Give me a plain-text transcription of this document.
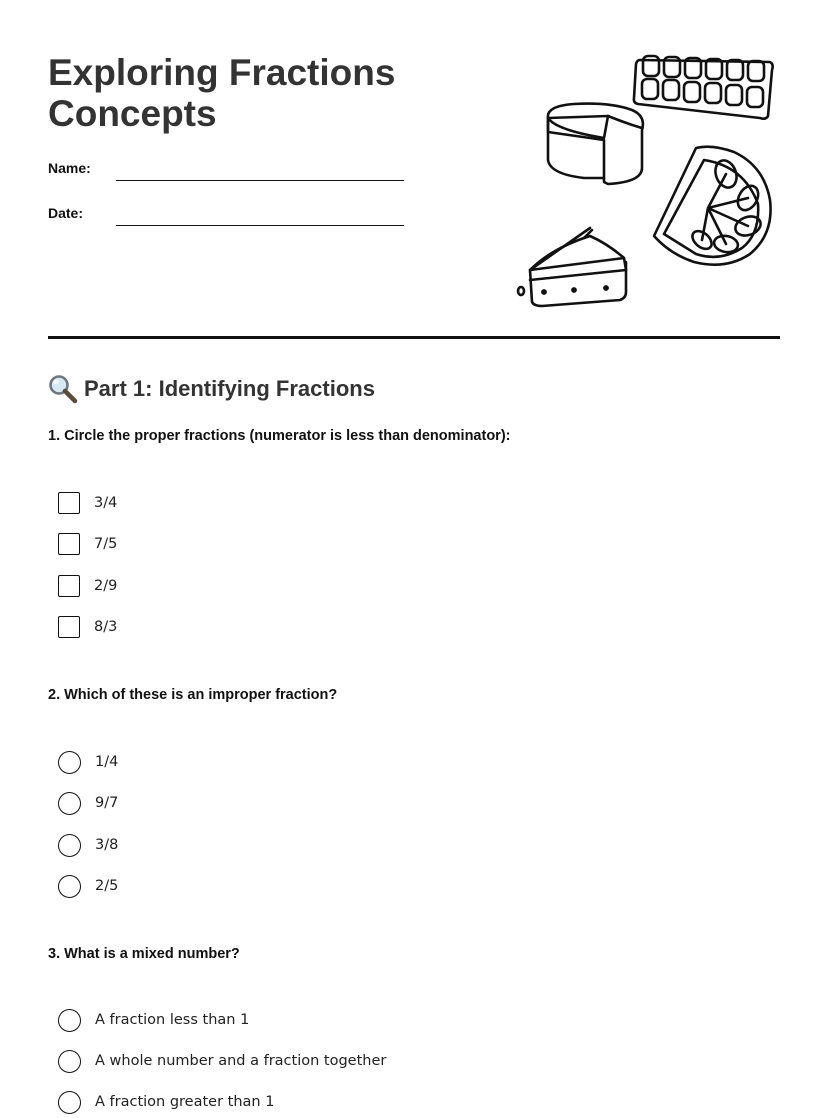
Exploring Fractions
Concepts
Name:
Date:
Part 1: Identifying Fractions

1. Circle the proper fractions (numerator is less than denominator):

3/4
7/5
2/9
8/3

2. Which of these is an improper fraction?

1/4
9/7
3/8
2/5

3. What is a mixed number?

A fraction less than 1
A whole number and a fraction together
A fraction greater than 1
